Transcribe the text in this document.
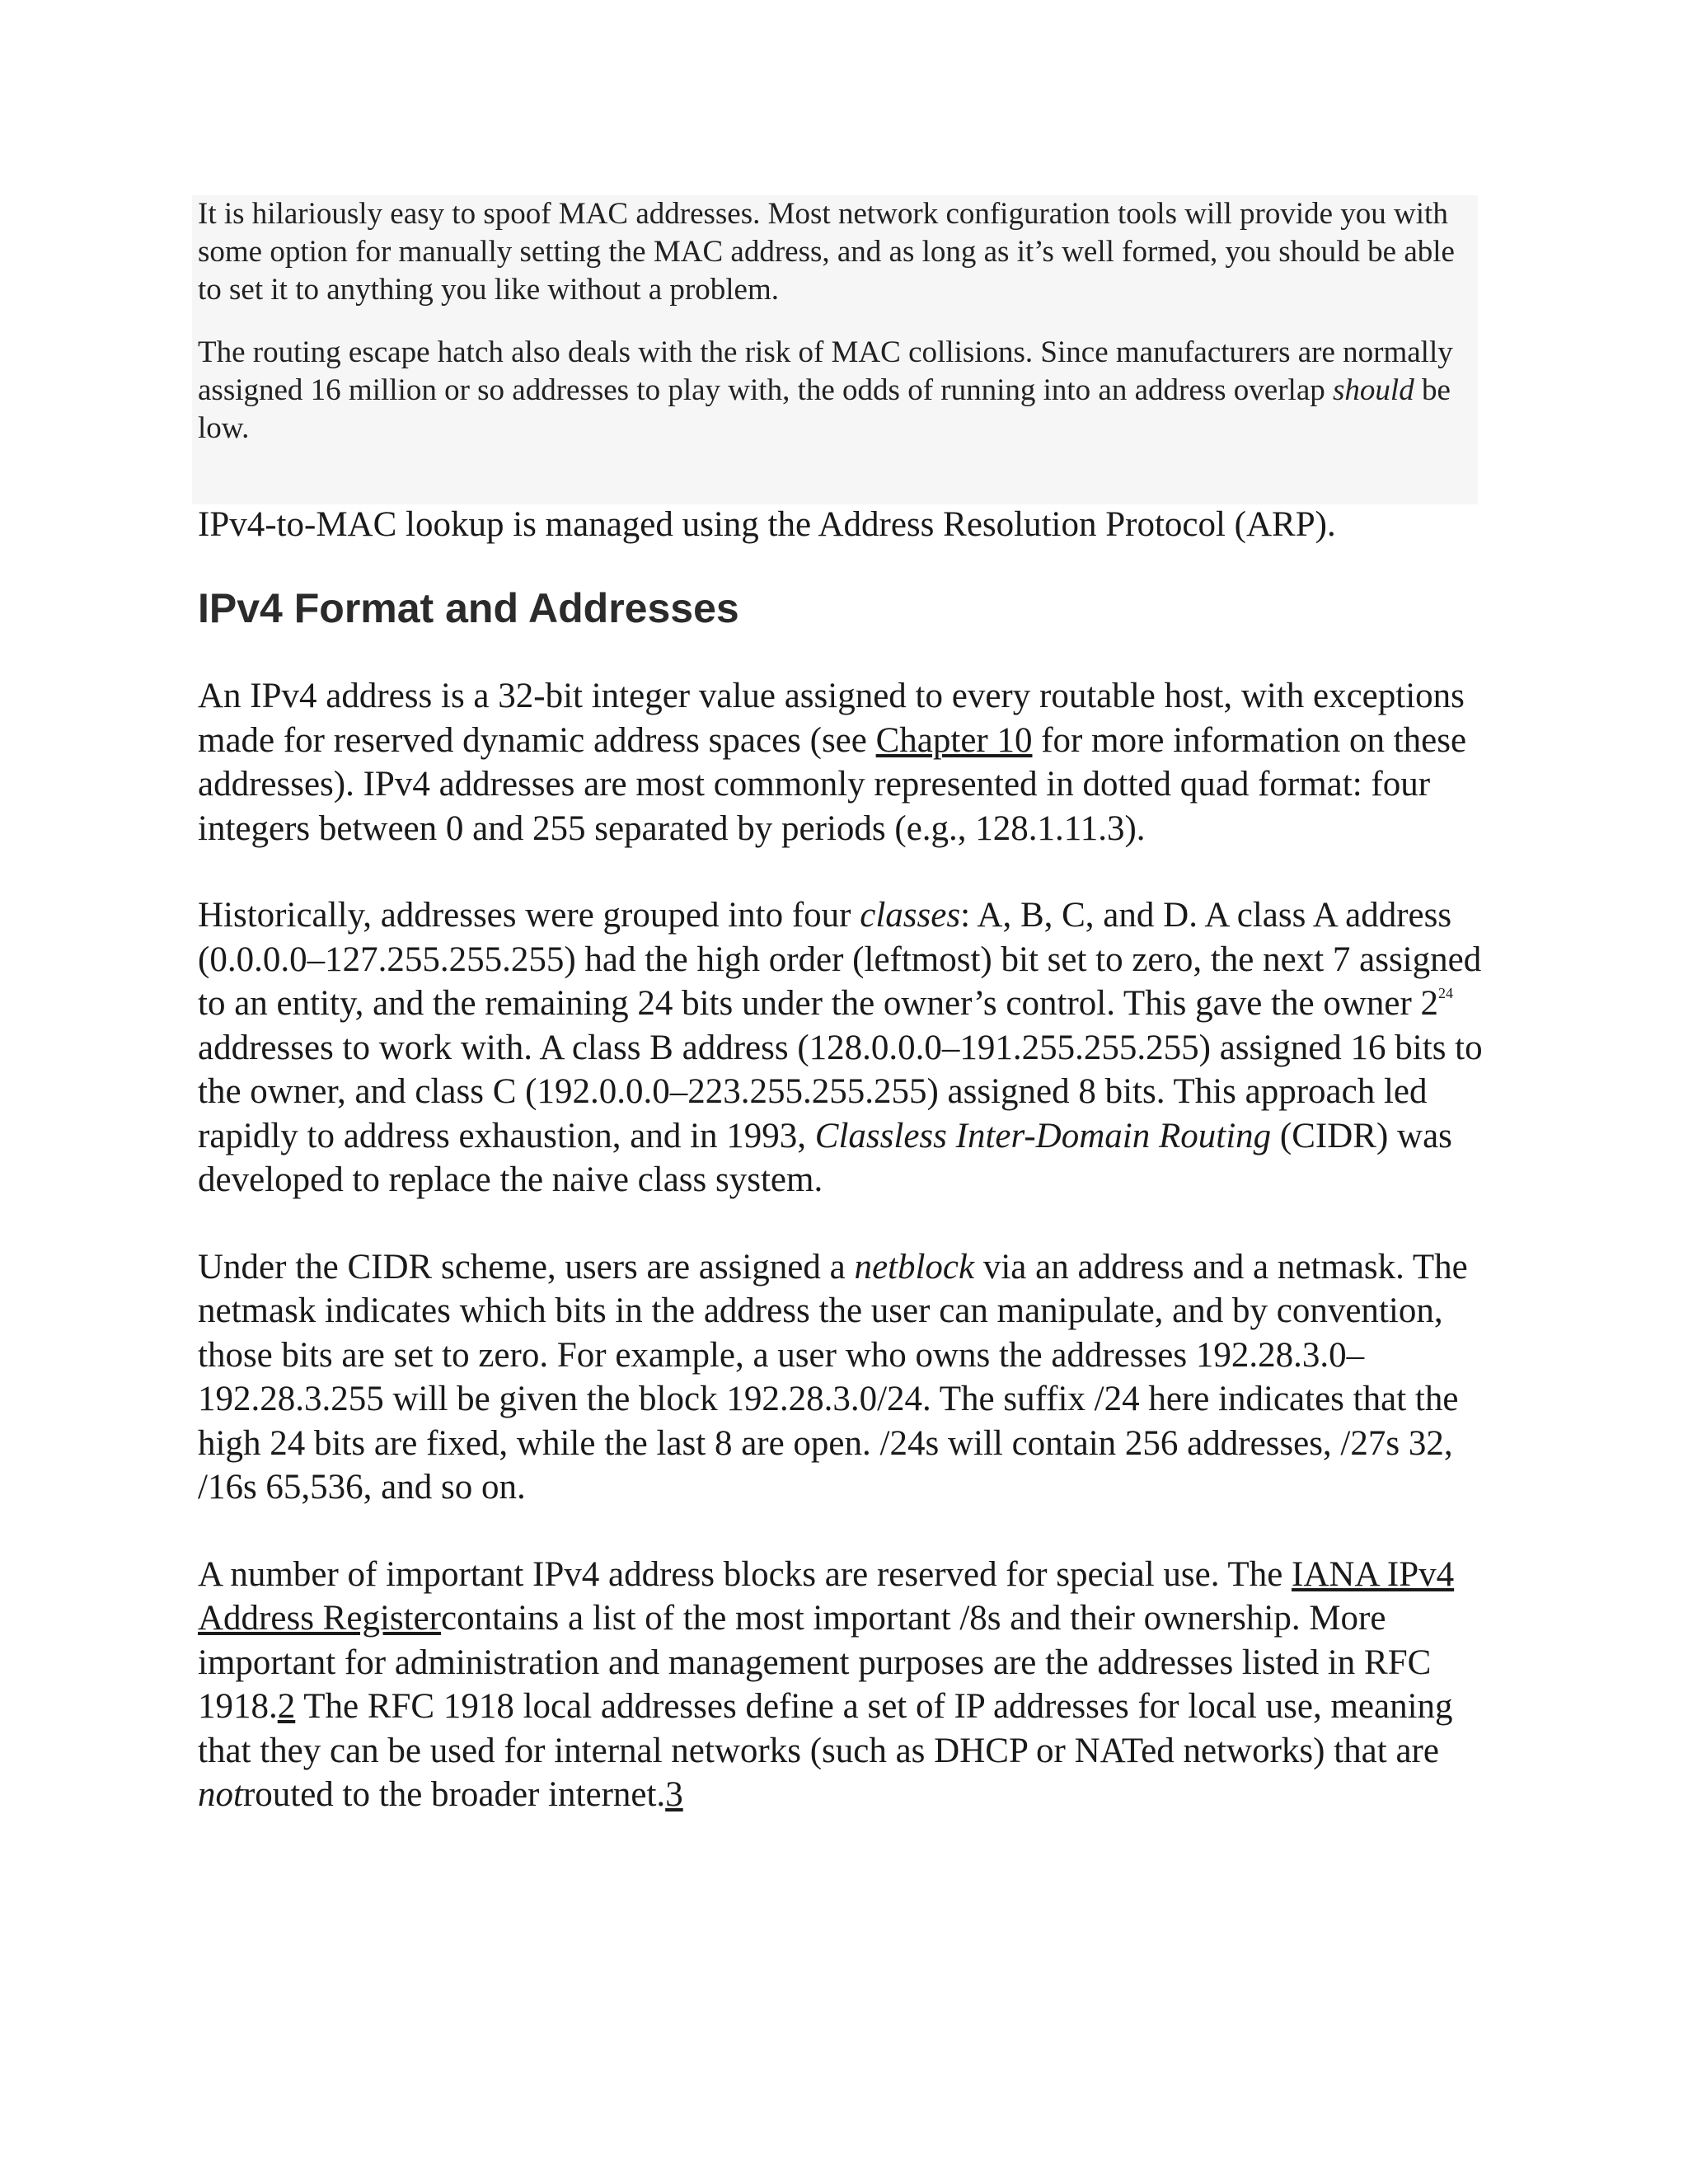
It is hilariously easy to spoof MAC addresses. Most network configuration tools will provide you with some option for manually setting the MAC address, and as long as it’s well formed, you should be able to set it to anything you like without a problem.

The routing escape hatch also deals with the risk of MAC collisions. Since manufacturers are normally assigned 16 million or so addresses to play with, the odds of running into an address overlap should be low.

IPv4-to-MAC lookup is managed using the Address Resolution Protocol (ARP).

IPv4 Format and Addresses

An IPv4 address is a 32-bit integer value assigned to every routable host, with exceptions made for reserved dynamic address spaces (see Chapter 10 for more information on these addresses). IPv4 addresses are most commonly represented in dotted quad format: four integers between 0 and 255 separated by periods (e.g., 128.1.11.3).

Historically, addresses were grouped into four classes: A, B, C, and D. A class A address (0.0.0.0–127.255.255.255) had the high order (leftmost) bit set to zero, the next 7 assigned to an entity, and the remaining 24 bits under the owner’s control. This gave the owner $2^{24}$ addresses to work with. A class B address (128.0.0.0–191.255.255.255) assigned 16 bits to the owner, and class C (192.0.0.0–223.255.255.255) assigned 8 bits. This approach led rapidly to address exhaustion, and in 1993, Classless Inter-Domain Routing (CIDR) was developed to replace the naive class system.

Under the CIDR scheme, users are assigned a netblock via an address and a netmask. The netmask indicates which bits in the address the user can manipulate, and by convention, those bits are set to zero. For example, a user who owns the addresses 192.28.3.0–192.28.3.255 will be given the block 192.28.3.0/24. The suffix /24 here indicates that the high 24 bits are fixed, while the last 8 are open. /24s will contain 256 addresses, /27s 32, /16s 65,536, and so on.

A number of important IPv4 address blocks are reserved for special use. The IANA IPv4 Address Registercontains a list of the most important /8s and their ownership. More important for administration and management purposes are the addresses listed in RFC 1918.2 The RFC 1918 local addresses define a set of IP addresses for local use, meaning that they can be used for internal networks (such as DHCP or NATed networks) that are notrouted to the broader internet.3
